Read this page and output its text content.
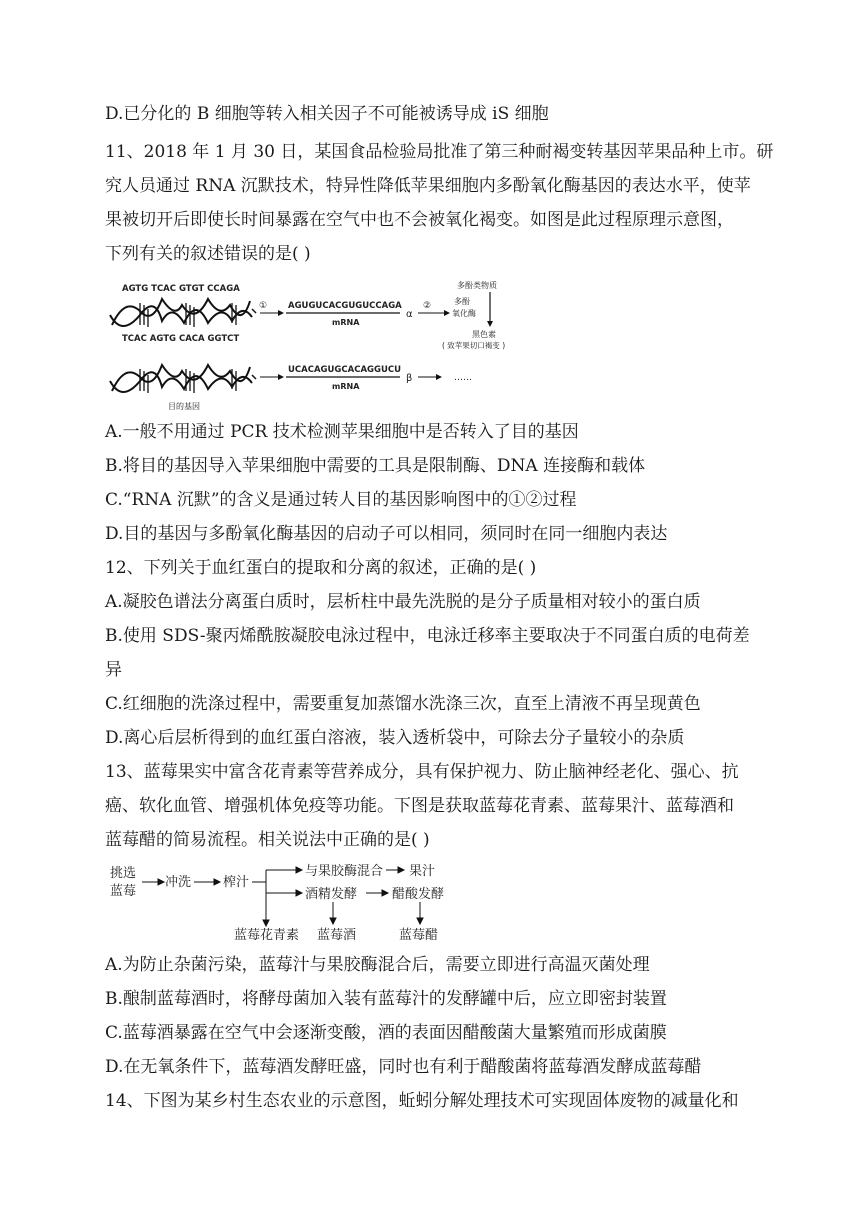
D.已分化的 B 细胞等转入相关因子不可能被诱导成 iS 细胞
11、2018 年 1 月 30 日，某国食品检验局批准了第三种耐褐变转基因苹果品种上市。研
究人员通过 RNA 沉默技术，特异性降低苹果细胞内多酚氧化酶基因的表达水平，使苹
果被切开后即使长时间暴露在空气中也不会被氧化褐变。如图是此过程原理示意图，
下列有关的叙述错误的是( )
AGTG TCAC GTGT CCAGA
TCAC AGTG CACA GGTCT
① AGUGUCACGUGUCCAGA
mRNA
α
②
多酚类物质
多酚
氧化酶
黑色素
( 致苹果切口褐变 )
UCACAGUGCACAGGUCU
mRNA
β	……
目的基因
A.一般不用通过 PCR 技术检测苹果细胞中是否转入了目的基因
B.将目的基因导入苹果细胞中需要的工具是限制酶、DNA 连接酶和载体
C.“RNA 沉默”的含义是通过转人目的基因影响图中的①②过程
D.目的基因与多酚氧化酶基因的启动子可以相同，须同时在同一细胞内表达
12、下列关于血红蛋白的提取和分离的叙述，正确的是( )
A.凝胶色谱法分离蛋白质时，层析柱中最先洗脱的是分子质量相对较小的蛋白质
B.使用 SDS-聚丙烯酰胺凝胶电泳过程中，电泳迁移率主要取决于不同蛋白质的电荷差
异
C.红细胞的洗涤过程中，需要重复加蒸馏水洗涤三次，直至上清液不再呈现黄色
D.离心后层析得到的血红蛋白溶液，装入透析袋中，可除去分子量较小的杂质
13、蓝莓果实中富含花青素等营养成分，具有保护视力、防止脑神经老化、强心、抗
癌、软化血管、增强机体免疫等功能。下图是获取蓝莓花青素、蓝莓果汁、蓝莓酒和
蓝莓醋的简易流程。相关说法中正确的是( )
挑选
蓝莓
冲洗 榨汁
与果胶酶混合 果汁
酒精发酵	醋酸发酵
蓝莓花青素 蓝莓酒	蓝莓醋
A.为防止杂菌污染，蓝莓汁与果胶酶混合后，需要立即进行高温灭菌处理
B.酿制蓝莓酒时，将酵母菌加入装有蓝莓汁的发酵罐中后，应立即密封装置
C.蓝莓酒暴露在空气中会逐渐变酸，酒的表面因醋酸菌大量繁殖而形成菌膜
D.在无氧条件下，蓝莓酒发酵旺盛，同时也有利于醋酸菌将蓝莓酒发酵成蓝莓醋
14、下图为某乡村生态农业的示意图，蚯蚓分解处理技术可实现固体废物的减量化和
